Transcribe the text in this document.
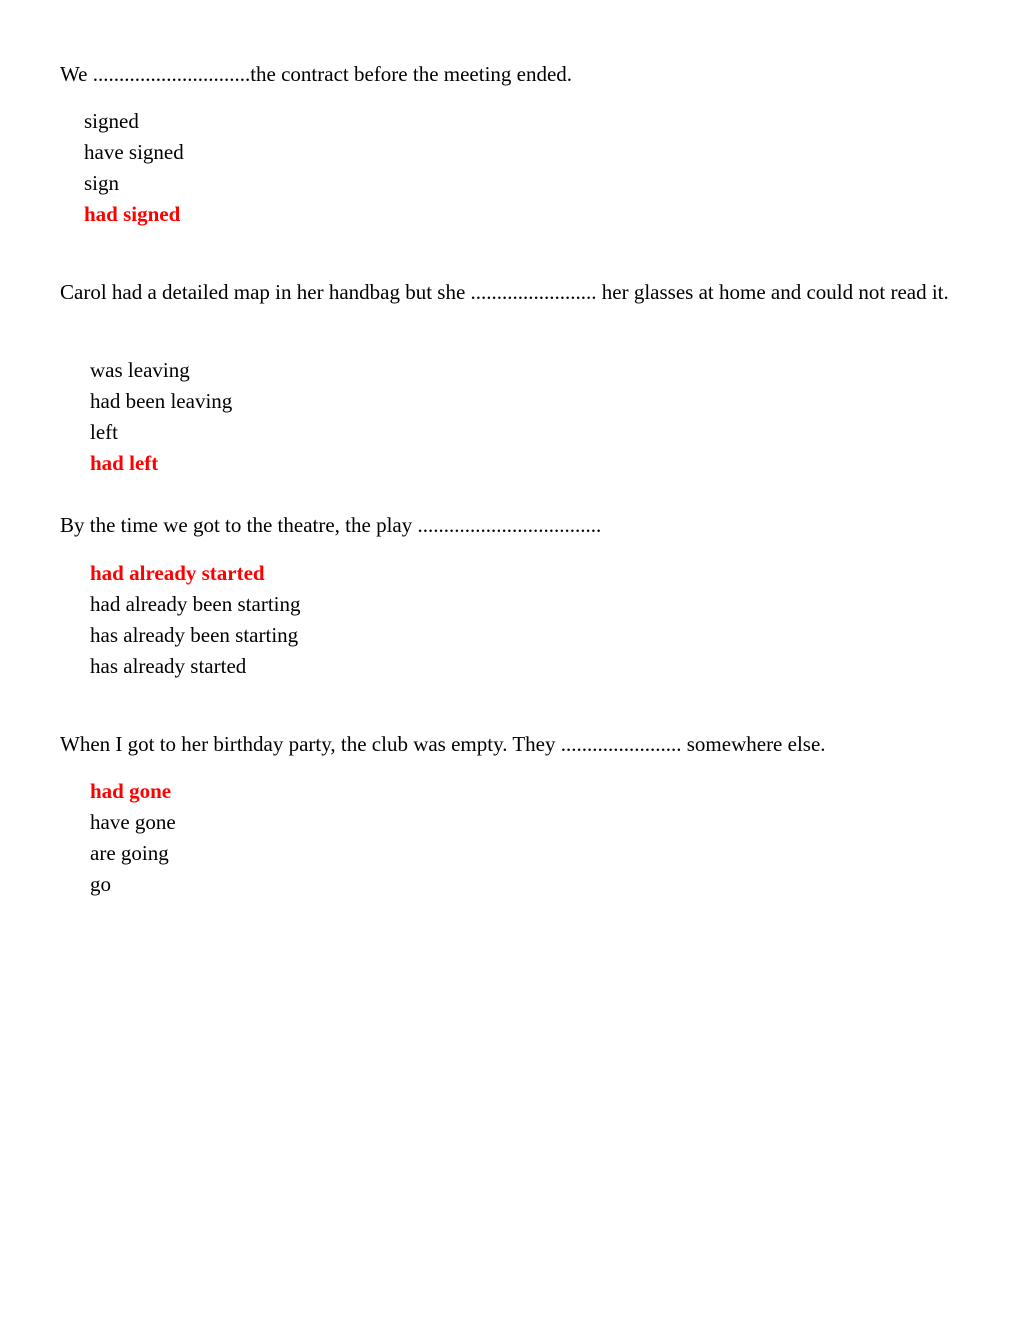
We ..............................the contract before the meeting ended.

signed
have signed
sign
had signed

Carol had a detailed map in her handbag but she ........................ her glasses at home and could not read it.

was leaving
had been leaving
left
had left

By the time we got to the theatre, the play ...................................

had already started
had already been starting
has already been starting
has already started

When I got to her birthday party, the club was empty. They ....................... somewhere else.

had gone
have gone
are going
go
